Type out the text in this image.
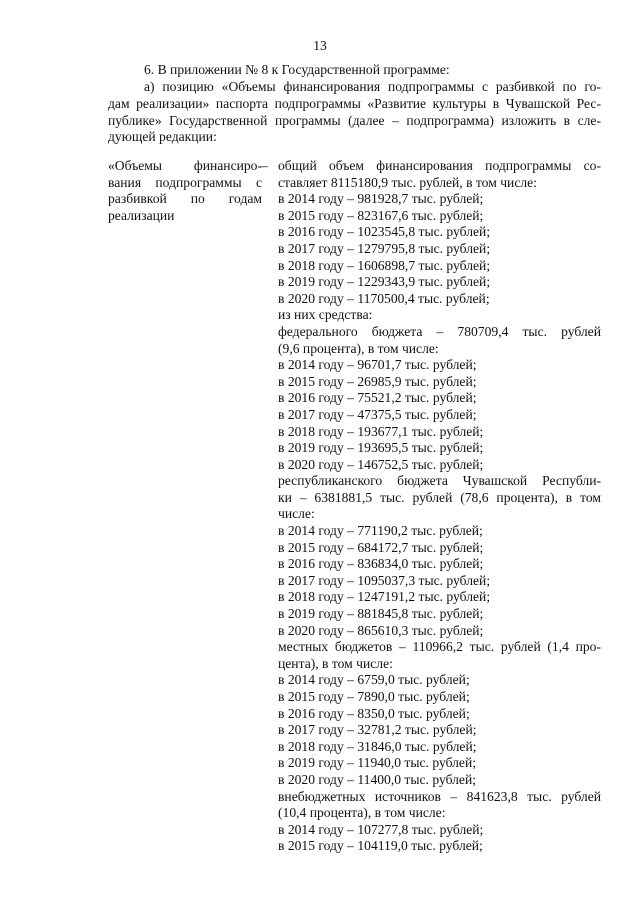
13
6. В приложении № 8 к Государственной программе:
а) позицию «Объемы финансирования подпрограммы с разбивкой по го-
дам реализации» паспорта подпрограммы «Развитие культуры в Чувашской Рес-
публике» Государственной программы (далее – подпрограмма) изложить в сле-
дующей редакции:
«Объемы финансиро-
вания подпрограммы с
разбивкой по годам
реализации
– общий объем финансирования подпрограммы со-
ставляет 8115180,9 тыс. рублей, в том числе:
в 2014 году – 981928,7 тыс. рублей;
в 2015 году – 823167,6 тыс. рублей;
в 2016 году – 1023545,8 тыс. рублей;
в 2017 году – 1279795,8 тыс. рублей;
в 2018 году – 1606898,7 тыс. рублей;
в 2019 году – 1229343,9 тыс. рублей;
в 2020 году – 1170500,4 тыс. рублей;
из них средства:
федерального бюджета – 780709,4 тыс. рублей
(9,6 процента), в том числе:
в 2014 году – 96701,7 тыс. рублей;
в 2015 году – 26985,9 тыс. рублей;
в 2016 году – 75521,2 тыс. рублей;
в 2017 году – 47375,5 тыс. рублей;
в 2018 году – 193677,1 тыс. рублей;
в 2019 году – 193695,5 тыс. рублей;
в 2020 году – 146752,5 тыс. рублей;
республиканского бюджета Чувашской Республи-
ки – 6381881,5 тыс. рублей (78,6 процента), в том
числе:
в 2014 году – 771190,2 тыс. рублей;
в 2015 году – 684172,7 тыс. рублей;
в 2016 году – 836834,0 тыс. рублей;
в 2017 году – 1095037,3 тыс. рублей;
в 2018 году – 1247191,2 тыс. рублей;
в 2019 году – 881845,8 тыс. рублей;
в 2020 году – 865610,3 тыс. рублей;
местных бюджетов – 110966,2 тыс. рублей (1,4 про-
цента), в том числе:
в 2014 году – 6759,0 тыс. рублей;
в 2015 году – 7890,0 тыс. рублей;
в 2016 году – 8350,0 тыс. рублей;
в 2017 году – 32781,2 тыс. рублей;
в 2018 году – 31846,0 тыс. рублей;
в 2019 году – 11940,0 тыс. рублей;
в 2020 году – 11400,0 тыс. рублей;
внебюджетных источников – 841623,8 тыс. рублей
(10,4 процента), в том числе:
в 2014 году – 107277,8 тыс. рублей;
в 2015 году – 104119,0 тыс. рублей;
